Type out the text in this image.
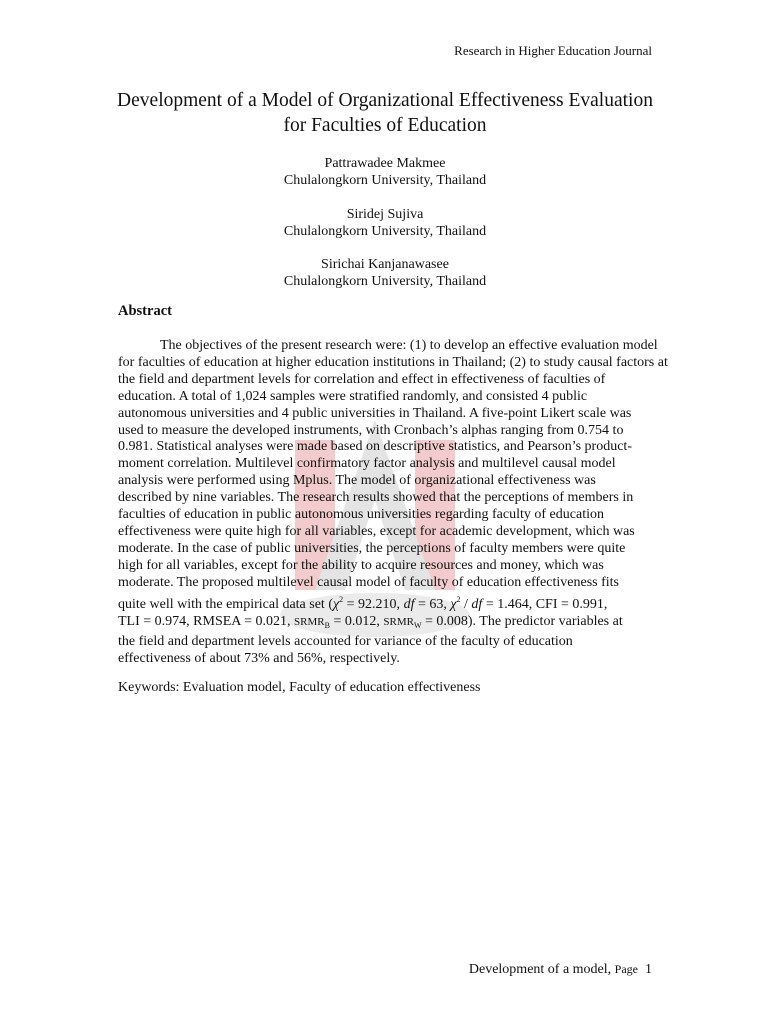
Research in Higher Education Journal
Development of a Model of Organizational Effectiveness Evaluation
for Faculties of Education
Pattrawadee Makmee
Chulalongkorn University, Thailand
Siridej Sujiva
Chulalongkorn University, Thailand
Sirichai Kanjanawasee
Chulalongkorn University, Thailand
Abstract
The objectives of the present research were: (1) to develop an effective evaluation model
for faculties of education at higher education institutions in Thailand; (2) to study causal factors at
the field and department levels for correlation and effect in effectiveness of faculties of
education. A total of 1,024 samples were stratified randomly, and consisted 4 public
autonomous universities and 4 public universities in Thailand. A five-point Likert scale was
used to measure the developed instruments, with Cronbach’s alphas ranging from 0.754 to
0.981. Statistical analyses were made based on descriptive statistics, and Pearson’s product-
moment correlation. Multilevel confirmatory factor analysis and multilevel causal model
analysis were performed using Mplus. The model of organizational effectiveness was
described by nine variables. The research results showed that the perceptions of members in
faculties of education in public autonomous universities regarding faculty of education
effectiveness were quite high for all variables, except for academic development, which was
moderate. In the case of public universities, the perceptions of faculty members were quite
high for all variables, except for the ability to acquire resources and money, which was
moderate. The proposed multilevel causal model of faculty of education effectiveness fits
quite well with the empirical data set ($\chi^2 = 92.210$, df = 63, $\chi^2$ / df = 1.464, CFI = 0.991,
TLI = 0.974, RMSEA = 0.021, $SRMR_B = 0.012$, $SRMR_W = 0.008$). The predictor variables at
the field and department levels accounted for variance of the faculty of education
effectiveness of about 73% and 56%, respectively.
Keywords: Evaluation model, Faculty of education effectiveness
Development of a model, Page 1
